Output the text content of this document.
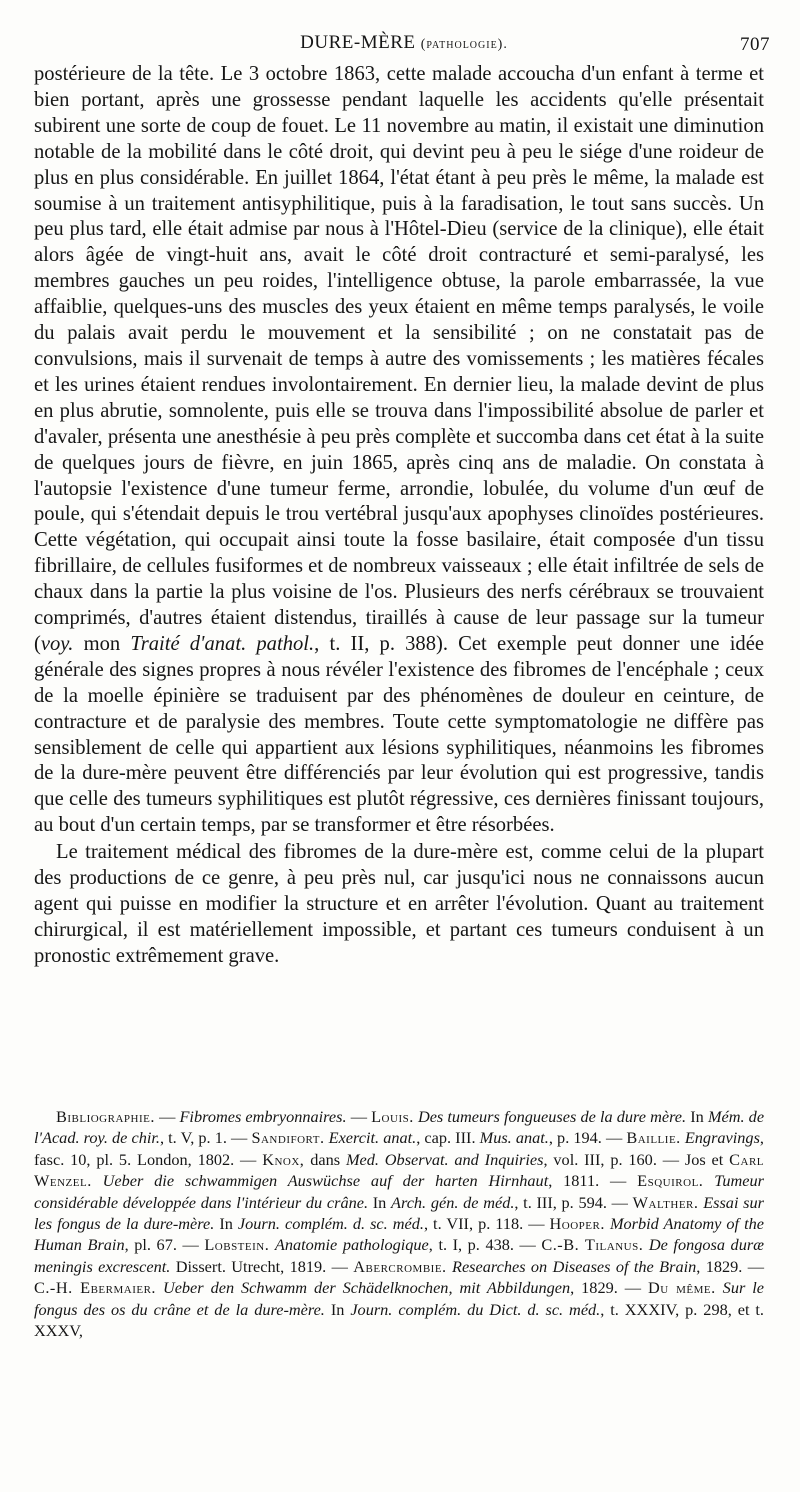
DURE-MÈRE (pathologie).	707

postérieure de la tête. Le 3 octobre 1863, cette malade accoucha d'un enfant à terme et bien portant, après une grossesse pendant laquelle les accidents qu'elle présentait subirent une sorte de coup de fouet. Le 11 novembre au matin, il existait une diminution notable de la mobilité dans le côté droit, qui devint peu à peu le siége d'une roideur de plus en plus considérable. En juillet 1864, l'état étant à peu près le même, la malade est soumise à un traitement antisyphilitique, puis à la faradisation, le tout sans succès. Un peu plus tard, elle était admise par nous à l'Hôtel-Dieu (service de la clinique), elle était alors âgée de vingt-huit ans, avait le côté droit contracturé et semi-paralysé, les membres gauches un peu roides, l'intelligence obtuse, la parole embarrassée, la vue affaiblie, quelques-uns des muscles des yeux étaient en même temps paralysés, le voile du palais avait perdu le mouvement et la sensibilité ; on ne constatait pas de convulsions, mais il survenait de temps à autre des vomissements ; les matières fécales et les urines étaient rendues involontairement. En dernier lieu, la malade devint de plus en plus abrutie, somnolente, puis elle se trouva dans l'impossibilité absolue de parler et d'avaler, présenta une anesthésie à peu près complète et succomba dans cet état à la suite de quelques jours de fièvre, en juin 1865, après cinq ans de maladie. On constata à l'autopsie l'existence d'une tumeur ferme, arrondie, lobulée, du volume d'un œuf de poule, qui s'étendait depuis le trou vertébral jusqu'aux apophyses clinoïdes postérieures. Cette végétation, qui occupait ainsi toute la fosse basilaire, était composée d'un tissu fibrillaire, de cellules fusiformes et de nombreux vaisseaux ; elle était infiltrée de sels de chaux dans la partie la plus voisine de l'os. Plusieurs des nerfs cérébraux se trouvaient comprimés, d'autres étaient distendus, tiraillés à cause de leur passage sur la tumeur (voy. mon Traité d'anat. pathol., t. II, p. 388). Cet exemple peut donner une idée générale des signes propres à nous révéler l'existence des fibromes de l'encéphale ; ceux de la moelle épinière se traduisent par des phénomènes de douleur en ceinture, de contracture et de paralysie des membres. Toute cette symptomatologie ne diffère pas sensiblement de celle qui appartient aux lésions syphilitiques, néanmoins les fibromes de la dure-mère peuvent être différenciés par leur évolution qui est progressive, tandis que celle des tumeurs syphilitiques est plutôt régressive, ces dernières finissant toujours, au bout d'un certain temps, par se transformer et être résorbées.

Le traitement médical des fibromes de la dure-mère est, comme celui de la plupart des productions de ce genre, à peu près nul, car jusqu'ici nous ne connaissons aucun agent qui puisse en modifier la structure et en arrêter l'évolution. Quant au traitement chirurgical, il est matériellement impossible, et partant ces tumeurs conduisent à un pronostic extrêmement grave.

Bibliographie. — Fibromes embryonnaires. — Louis. Des tumeurs fongueuses de la dure mère. In Mém. de l'Acad. roy. de chir., t. V, p. 1. — Sandifort. Exercit. anat., cap. III. Mus. anat., p. 194. — Baillie. Engravings, fasc. 10, pl. 5. London, 1802. — Knox, dans Med. Observat. and Inquiries, vol. III, p. 160. — Jos et Carl Wenzel. Ueber die schwammigen Auswüchse auf der harten Hirnhaut, 1811. — Esquirol. Tumeur considérable développée dans l'intérieur du crâne. In Arch. gén. de méd., t. III, p. 594. — Walther. Essai sur les fongus de la dure-mère. In Journ. complém. d. sc. méd., t. VII, p. 118. — Hooper. Morbid Anatomy of the Human Brain, pl. 67. — Lobstein. Anatomie pathologique, t. I, p. 438. — C.-B. Tilanus. De fongosa duræ meningis excrescent. Dissert. Utrecht, 1819. — Abercrombie. Researches on Diseases of the Brain, 1829. — C.-H. Ebermaier. Ueber den Schwamm der Schädelknochen, mit Abbildungen, 1829. — Du même. Sur le fongus des os du crâne et de la dure-mère. In Journ. complém. du Dict. d. sc. méd., t. XXXIV, p. 298, et t. XXXV,
